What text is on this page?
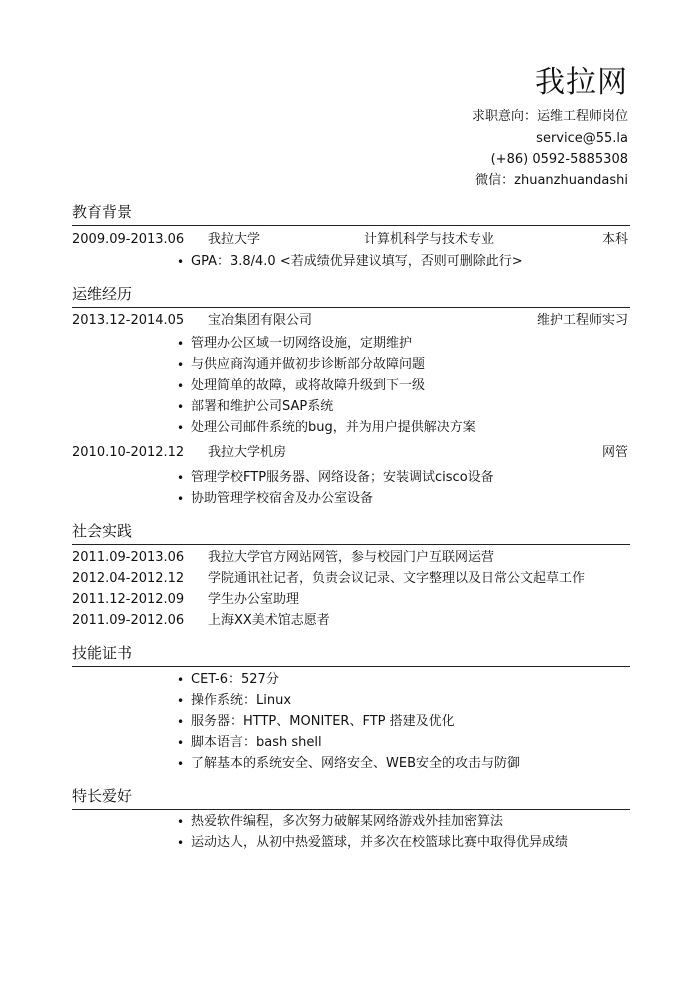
我拉网
求职意向：运维工程师岗位
service@55.la
(+86) 0592-5885308
微信：zhuanzhuandashi
教育背景
2009.09-2013.06 我拉大学	计算机科学与技术专业	本科
• GPA：3.8/4.0 <若成绩优异建议填写，否则可删除此行>
运维经历
2013.12-2014.05 宝冶集团有限公司	维护工程师实习
• 管理办公区域一切网络设施，定期维护
• 与供应商沟通并做初步诊断部分故障问题
• 处理简单的故障，或将故障升级到下一级
• 部署和维护公司SAP系统
• 处理公司邮件系统的bug，并为用户提供解决方案
2010.10-2012.12 我拉大学机房	网管
• 管理学校FTP服务器、网络设备；安装调试cisco设备
• 协助管理学校宿舍及办公室设备
社会实践
2011.09-2013.06 我拉大学官方网站网管，参与校园门户互联网运营
2012.04-2012.12 学院通讯社记者，负责会议记录、文字整理以及日常公文起草工作
2011.12-2012.09 学生办公室助理
2011.09-2012.06 上海XX美术馆志愿者
技能证书
• CET-6：527分
• 操作系统：Linux
• 服务器：HTTP、MONITER、FTP 搭建及优化
• 脚本语言：bash shell
• 了解基本的系统安全、网络安全、WEB安全的攻击与防御
特长爱好
• 热爱软件编程，多次努力破解某网络游戏外挂加密算法
• 运动达人，从初中热爱篮球，并多次在校篮球比赛中取得优异成绩
